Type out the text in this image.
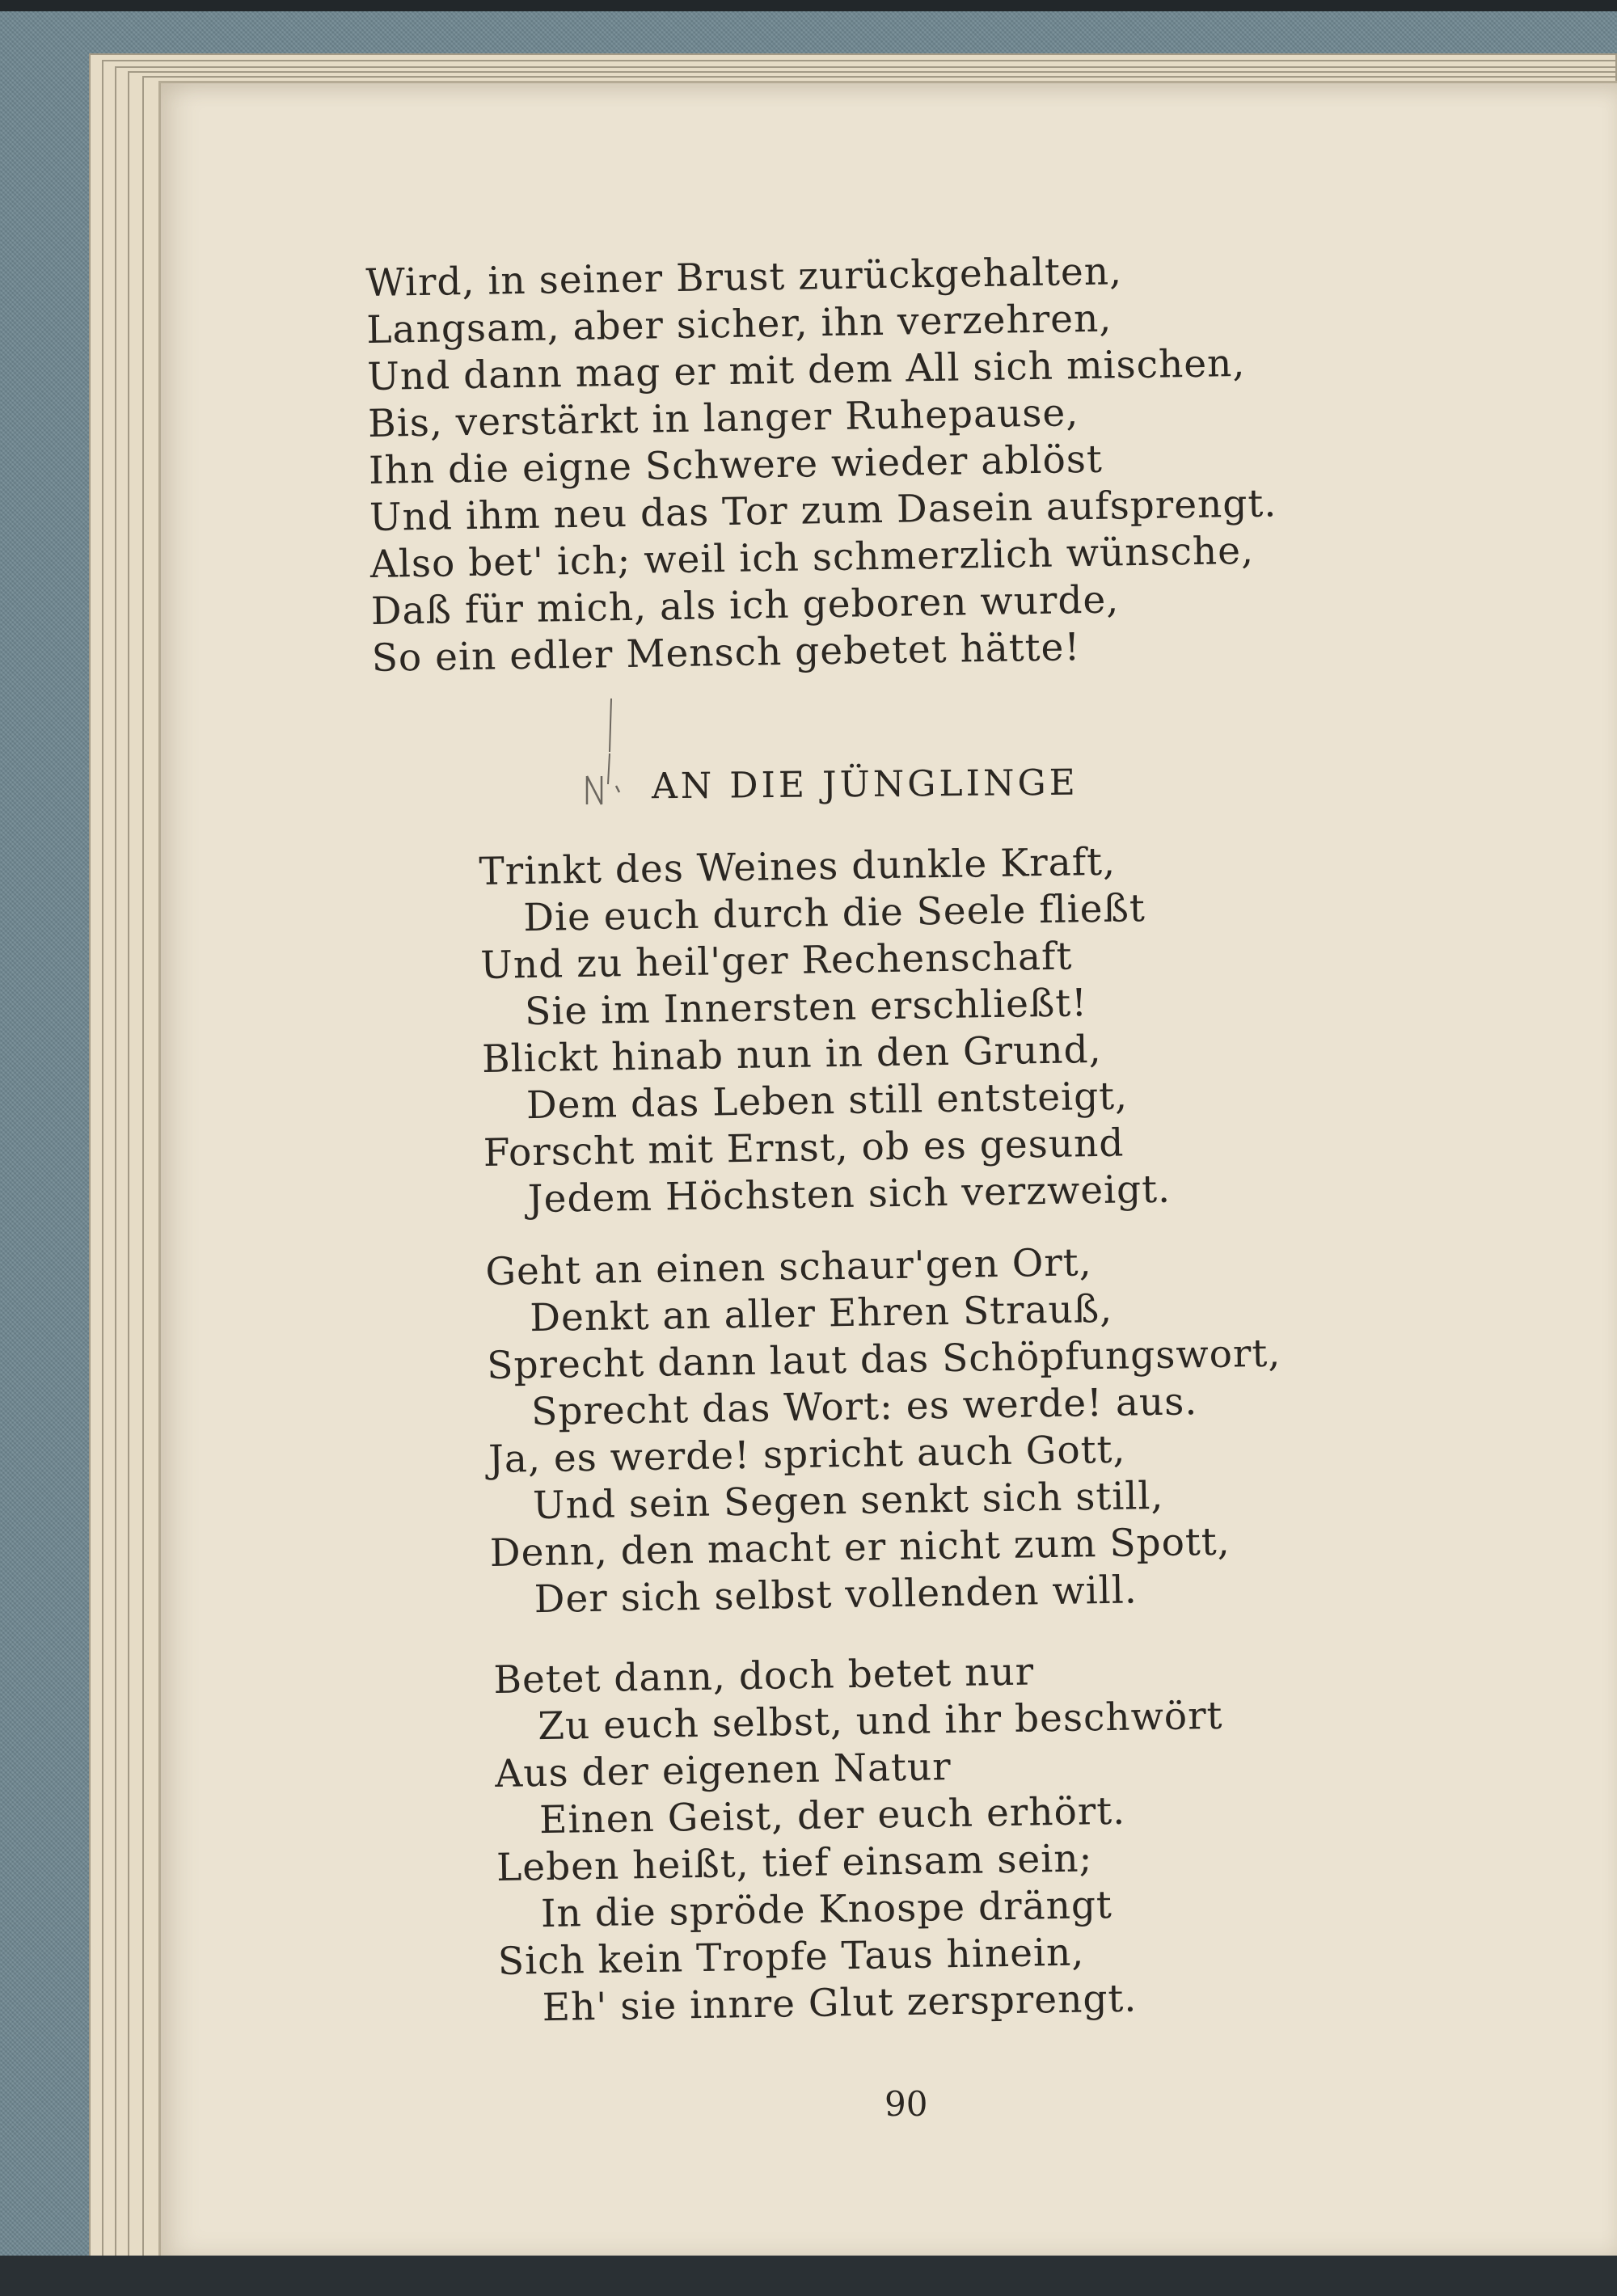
Wird, in seiner Brust zurückgehalten,
Langsam, aber sicher, ihn verzehren,
Und dann mag er mit dem All sich mischen,
Bis, verstärkt in langer Ruhepause,
Ihn die eigne Schwere wieder ablöst
Und ihm neu das Tor zum Dasein aufsprengt.
Also bet' ich; weil ich schmerzlich wünsche,
Daß für mich, als ich geboren wurde,
So ein edler Mensch gebetet hätte!
AN DIE JÜNGLINGE
Trinkt des Weines dunkle Kraft,
Die euch durch die Seele fließt
Und zu heil'ger Rechenschaft
Sie im Innersten erschließt!
Blickt hinab nun in den Grund,
Dem das Leben still entsteigt,
Forscht mit Ernst, ob es gesund
Jedem Höchsten sich verzweigt.
Geht an einen schaur'gen Ort,
Denkt an aller Ehren Strauß,
Sprecht dann laut das Schöpfungswort,
Sprecht das Wort: es werde! aus.
Ja, es werde! spricht auch Gott,
Und sein Segen senkt sich still,
Denn, den macht er nicht zum Spott,
Der sich selbst vollenden will.
Betet dann, doch betet nur
Zu euch selbst, und ihr beschwört
Aus der eigenen Natur
Einen Geist, der euch erhört.
Leben heißt, tief einsam sein;
In die spröde Knospe drängt
Sich kein Tropfe Taus hinein,
Eh' sie innre Glut zersprengt.
90
